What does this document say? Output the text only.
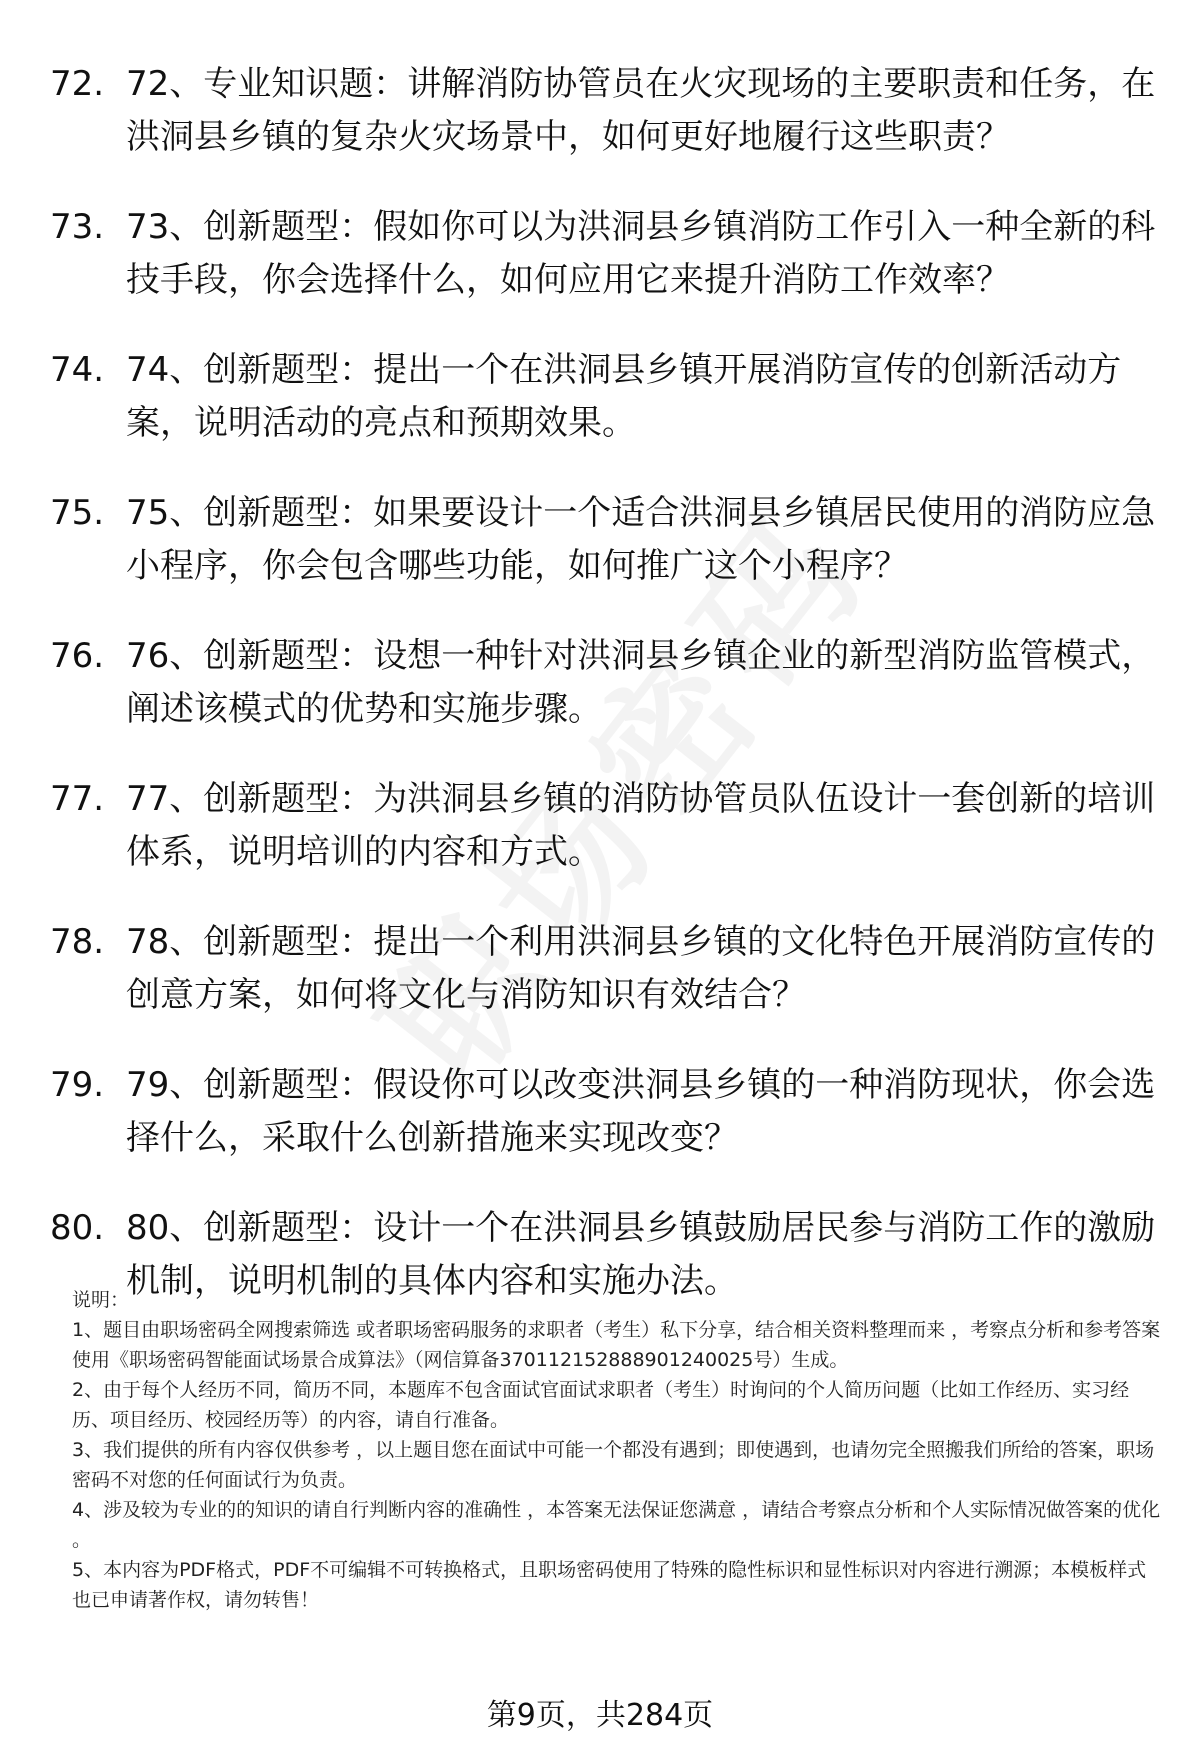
72. 72、专业知识题：讲解消防协管员在火灾现场的主要职责和任务，在洪洞县乡镇的复杂火灾场景中，如何更好地履行这些职责？
73. 73、创新题型：假如你可以为洪洞县乡镇消防工作引入一种全新的科技手段，你会选择什么，如何应用它来提升消防工作效率？
74. 74、创新题型：提出一个在洪洞县乡镇开展消防宣传的创新活动方案，说明活动的亮点和预期效果。
75. 75、创新题型：如果要设计一个适合洪洞县乡镇居民使用的消防应急小程序，你会包含哪些功能，如何推广这个小程序？
76. 76、创新题型：设想一种针对洪洞县乡镇企业的新型消防监管模式，阐述该模式的优势和实施步骤。
77. 77、创新题型：为洪洞县乡镇的消防协管员队伍设计一套创新的培训体系，说明培训的内容和方式。
78. 78、创新题型：提出一个利用洪洞县乡镇的文化特色开展消防宣传的创意方案，如何将文化与消防知识有效结合？
79. 79、创新题型：假设你可以改变洪洞县乡镇的一种消防现状，你会选择什么，采取什么创新措施来实现改变？
80. 80、创新题型：设计一个在洪洞县乡镇鼓励居民参与消防工作的激励机制，说明机制的具体内容和实施办法。

说明：

1、题目由职场密码全网搜索筛选 或者职场密码服务的求职者（考生）私下分享，结合相关资料整理而来 ，考察点分析和参考答案使用《职场密码智能面试场景合成算法》（网信算备370112152888901240025号）生成。

2、由于每个人经历不同，简历不同，本题库不包含面试官面试求职者（考生）时询问的个人简历问题（比如工作经历、实习经历、项目经历、校园经历等）的内容，请自行准备。

3、我们提供的所有内容仅供参考 ，以上题目您在面试中可能一个都没有遇到；即使遇到，也请勿完全照搬我们所给的答案，职场密码不对您的任何面试行为负责。

4、涉及较为专业的的知识的请自行判断内容的准确性 ，本答案无法保证您满意 ，请结合考察点分析和个人实际情况做答案的优化 。

5、本内容为PDF格式，PDF不可编辑不可转换格式，且职场密码使用了特殊的隐性标识和显性标识对内容进行溯源；本模板样式也已申请著作权，请勿转售！

第9页，共284页
